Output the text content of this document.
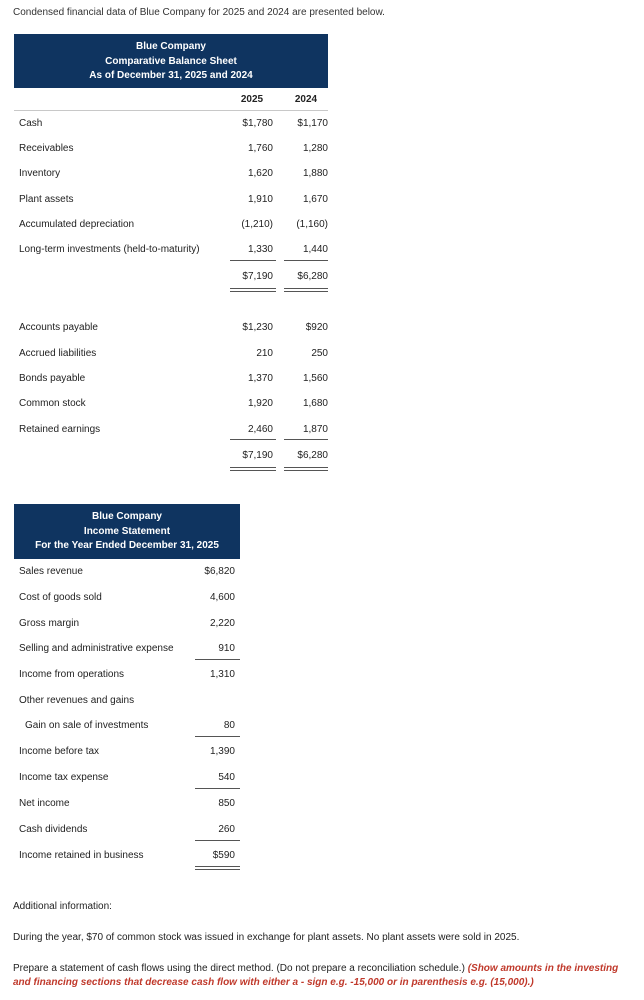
Condensed financial data of Blue Company for 2025 and 2024 are presented below.
Blue Company
Comparative Balance Sheet
As of December 31, 2025 and 2024
2025	2024
Cash	$1,780	$1,170
Receivables	1,760	1,280
Inventory	1,620	1,880
Plant assets	1,910	1,670
Accumulated depreciation	(1,210)	(1,160)
Long-term investments (held-to-maturity)	1,330	1,440
$7,190	$6,280
Accounts payable	$1,230	$920
Accrued liabilities	210	250
Bonds payable	1,370	1,560
Common stock	1,920	1,680
Retained earnings	2,460	1,870
$7,190	$6,280
Blue Company
Income Statement
For the Year Ended December 31, 2025
Sales revenue	$6,820
Cost of goods sold	4,600
Gross margin	2,220
Selling and administrative expense	910
Income from operations	1,310
Other revenues and gains
Gain on sale of investments	80
Income before tax	1,390
Income tax expense	540
Net income	850
Cash dividends	260
Income retained in business	$590
Additional information:
During the year, $70 of common stock was issued in exchange for plant assets. No plant assets were sold in 2025.
Prepare a statement of cash flows using the direct method. (Do not prepare a reconciliation schedule.) (Show amounts in the investing and financing sections that decrease cash flow with either a - sign e.g. -15,000 or in parenthesis e.g. (15,000).)
